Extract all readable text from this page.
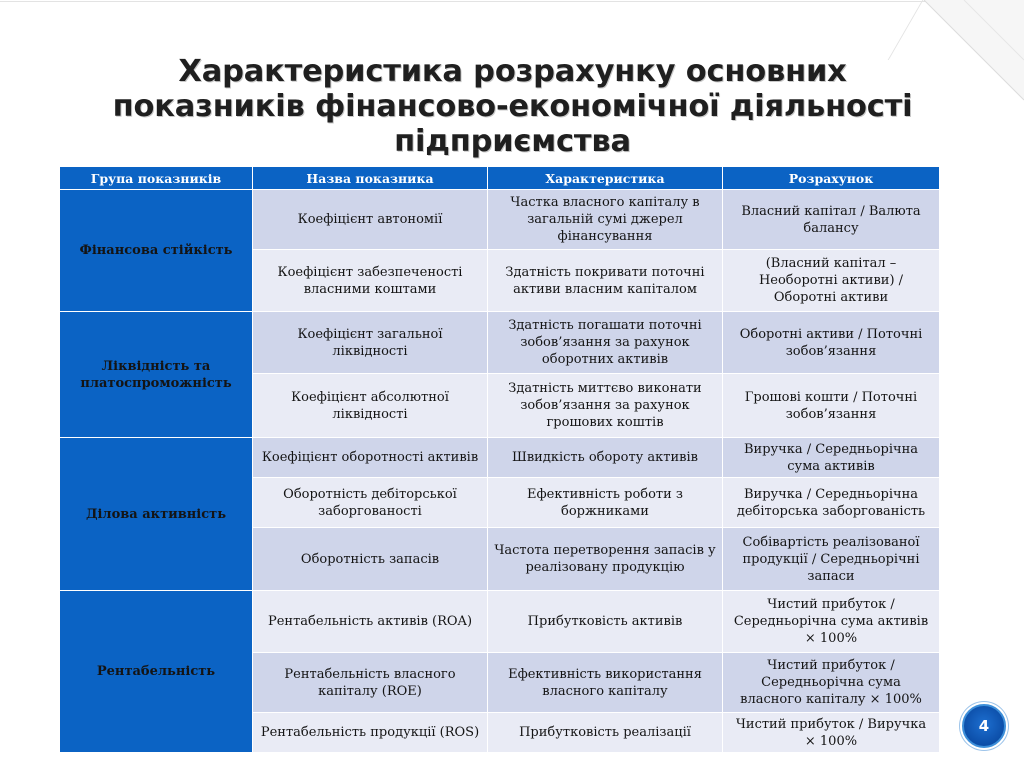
Характеристика розрахунку основних
показників фінансово-економічної діяльності
підприємства
Група показників	Назва показника	Характеристика	Розрахунок
Фінансова стійкість	Коефіцієнт автономії	Частка власного капіталу в загальній сумі джерел фінансування	Власний капітал / Валюта балансу
	Коефіцієнт забезпеченості власними коштами	Здатність покривати поточні активи власним капіталом	(Власний капітал – Необоротні активи) / Оборотні активи
Ліквідність та платоспроможність	Коефіцієнт загальної ліквідності	Здатність погашати поточні зобов’язання за рахунок оборотних активів	Оборотні активи / Поточні зобов’язання
	Коефіцієнт абсолютної ліквідності	Здатність миттєво виконати зобов’язання за рахунок грошових коштів	Грошові кошти / Поточні зобов’язання
Ділова активність	Коефіцієнт оборотності активів	Швидкість обороту активів	Виручка / Середньорічна сума активів
	Оборотність дебіторської заборгованості	Ефективність роботи з боржниками	Виручка / Середньорічна дебіторська заборгованість
	Оборотність запасів	Частота перетворення запасів у реалізовану продукцію	Собівартість реалізованої продукції / Середньорічні запаси
Рентабельність	Рентабельність активів (ROA)	Прибутковість активів	Чистий прибуток / Середньорічна сума активів × 100%
	Рентабельність власного капіталу (ROE)	Ефективність використання власного капіталу	Чистий прибуток / Середньорічна сума власного капіталу × 100%
	Рентабельність продукції (ROS)	Прибутковість реалізації	Чистий прибуток / Виручка × 100%
4
